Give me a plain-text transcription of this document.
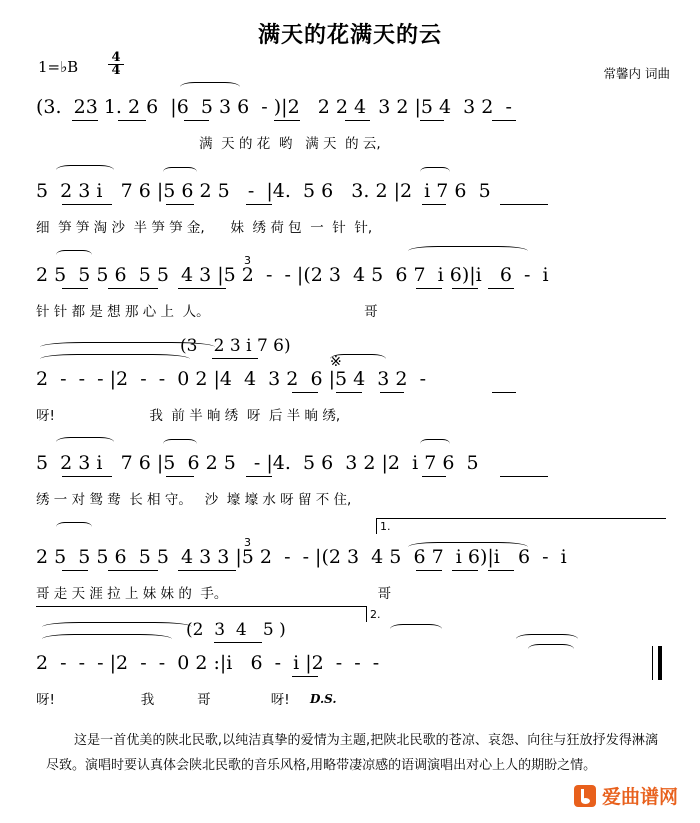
满天的花满天的云
1=♭B
4
4	常馨内 词曲
(3.  23 1. 2 6  |6  5 3 6  - )|2   2 2 4  3 2 |5 4  3 2  -
满  天 的 花  哟   满 天  的 云,
5  2 3 i   7 6 |5 6 2 5   -  |4.  5 6   3. 2 |2  i 7 6  5
细  笋 笋 淘 沙  半 笋 笋 金,      妹  绣 荷 包  一  针  针,
2 5  5 5 6  5 5  4 3 |5 2  -  - |(2 3  4 5  6 7  i 6)|i   6  -  i
3
针 针 都 是 想 那 心 上  人。                                    哥
(3   2 3 i 7 6)
※
2  -  -  - |2  -  -  0 2 |4  4  3 2  6 |5 4  3 2  -
呀!                      我  前 半 晌 绣  呀  后 半 晌 绣,
5  2 3 i   7 6 |5  6 2 5   - |4.  5 6  3 2 |2  i 7 6  5
绣 一 对 鸳 鸯  长 相 守。   沙  壕 壕 水 呀 留 不 住,
1.
2 5  5 5 6  5 5  4 3 3 |5 2  -  - |(2 3  4 5  6 7  i 6)|i   6  -  i
3
哥 走 天 涯 拉 上 妹 妹 的  手。                                   哥
2.
(2  3  4   5 )
2  -  -  - |2  -  -  0 2 :|i   6  -  i |2  -  -  -
呀!                    我          哥              呀!	D.S.
这是一首优美的陕北民歌,以纯洁真挚的爱情为主题,把陕北民歌的苍凉、哀怨、向往与狂放抒发得淋漓尽致。演唱时要认真体会陕北民歌的音乐风格,用略带凄凉感的语调演唱出对心上人的期盼之情。
爱曲谱网
